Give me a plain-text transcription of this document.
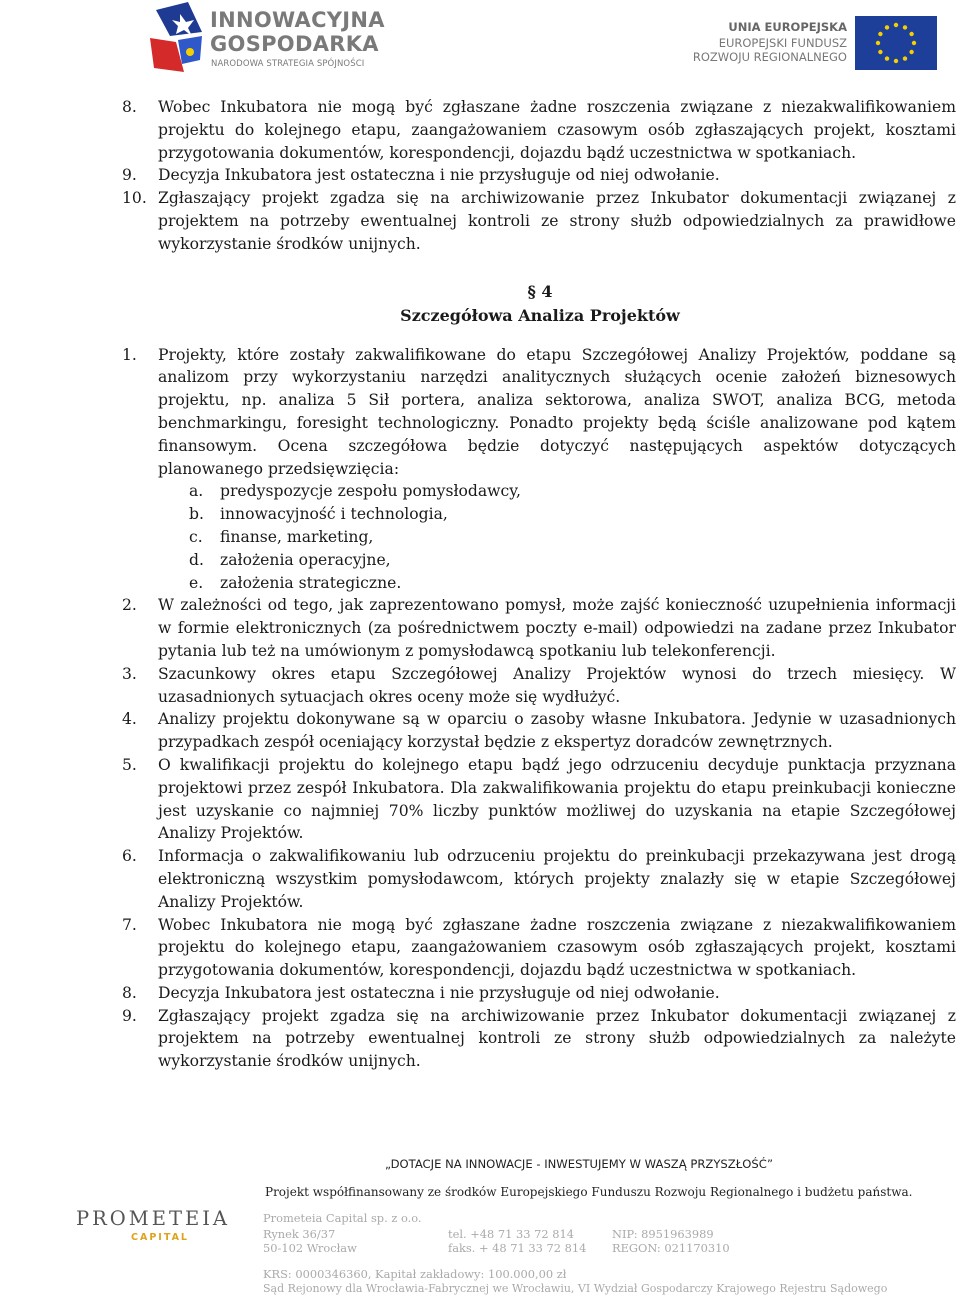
INNOWACYJNA
GOSPODARKA
NARODOWA STRATEGIA SPÓJNOŚCI
UNIA EUROPEJSKA
EUROPEJSKI FUNDUSZ
ROZWOJU REGIONALNEGO
8. Wobec Inkubatora nie mogą być zgłaszane żadne roszczenia związane z niezakwalifikowaniem projektu do kolejnego etapu, zaangażowaniem czasowym osób zgłaszających projekt, kosztami przygotowania dokumentów, korespondencji, dojazdu bądź uczestnictwa w spotkaniach.
9. Decyzja Inkubatora jest ostateczna i nie przysługuje od niej odwołanie.
10. Zgłaszający projekt zgadza się na archiwizowanie przez Inkubator dokumentacji związanej z projektem na potrzeby ewentualnej kontroli ze strony służb odpowiedzialnych za prawidłowe wykorzystanie środków unijnych.
§ 4
Szczegółowa Analiza Projektów
1. Projekty, które zostały zakwalifikowane do etapu Szczegółowej Analizy Projektów, poddane są analizom przy wykorzystaniu narzędzi analitycznych służących ocenie założeń biznesowych projektu, np. analiza 5 Sił portera, analiza sektorowa, analiza SWOT, analiza BCG, metoda benchmarkingu, foresight technologiczny. Ponadto projekty będą ściśle analizowane pod kątem finansowym. Ocena szczegółowa będzie dotyczyć następujących aspektów dotyczących planowanego przedsięwzięcia:
a. predyspozycje zespołu pomysłodawcy,
b. innowacyjność i technologia,
c. finanse, marketing,
d. założenia operacyjne,
e. założenia strategiczne.
2. W zależności od tego, jak zaprezentowano pomysł, może zajść konieczność uzupełnienia informacji w formie elektronicznych (za pośrednictwem poczty e-mail) odpowiedzi na zadane przez Inkubator pytania lub też na umówionym z pomysłodawcą spotkaniu lub telekonferencji.
3. Szacunkowy okres etapu Szczegółowej Analizy Projektów wynosi do trzech miesięcy. W uzasadnionych sytuacjach okres oceny może się wydłużyć.
4. Analizy projektu dokonywane są w oparciu o zasoby własne Inkubatora. Jedynie w uzasadnionych przypadkach zespół oceniający korzystał będzie z ekspertyz doradców zewnętrznych.
5. O kwalifikacji projektu do kolejnego etapu bądź jego odrzuceniu decyduje punktacja przyznana projektowi przez zespół Inkubatora. Dla zakwalifikowania projektu do etapu preinkubacji konieczne jest uzyskanie co najmniej 70% liczby punktów możliwej do uzyskania na etapie Szczegółowej Analizy Projektów.
6. Informacja o zakwalifikowaniu lub odrzuceniu projektu do preinkubacji przekazywana jest drogą elektroniczną wszystkim pomysłodawcom, których projekty znalazły się w etapie Szczegółowej Analizy Projektów.
7. Wobec Inkubatora nie mogą być zgłaszane żadne roszczenia związane z niezakwalifikowaniem projektu do kolejnego etapu, zaangażowaniem czasowym osób zgłaszających projekt, kosztami przygotowania dokumentów, korespondencji, dojazdu bądź uczestnictwa w spotkaniach.
8. Decyzja Inkubatora jest ostateczna i nie przysługuje od niej odwołanie.
9. Zgłaszający projekt zgadza się na archiwizowanie przez Inkubator dokumentacji związanej z projektem na potrzeby ewentualnej kontroli ze strony służb odpowiedzialnych za należyte wykorzystanie środków unijnych.
„DOTACJE NA INNOWACJE - INWESTUJEMY W WASZĄ PRZYSZŁOŚĆ”
Projekt współfinansowany ze środków Europejskiego Funduszu Rozwoju Regionalnego i budżetu państwa.
PROMETEIA
CAPITAL
Prometeia Capital sp. z o.o.
Rynek 36/37
50-102 Wrocław
tel. +48 71 33 72 814
faks. + 48 71 33 72 814
NIP: 8951963989
REGON: 021170310
KRS: 0000346360, Kapitał zakładowy: 100.000,00 zł
Sąd Rejonowy dla Wrocławia-Fabrycznej we Wrocławiu, VI Wydział Gospodarczy Krajowego Rejestru Sądowego
